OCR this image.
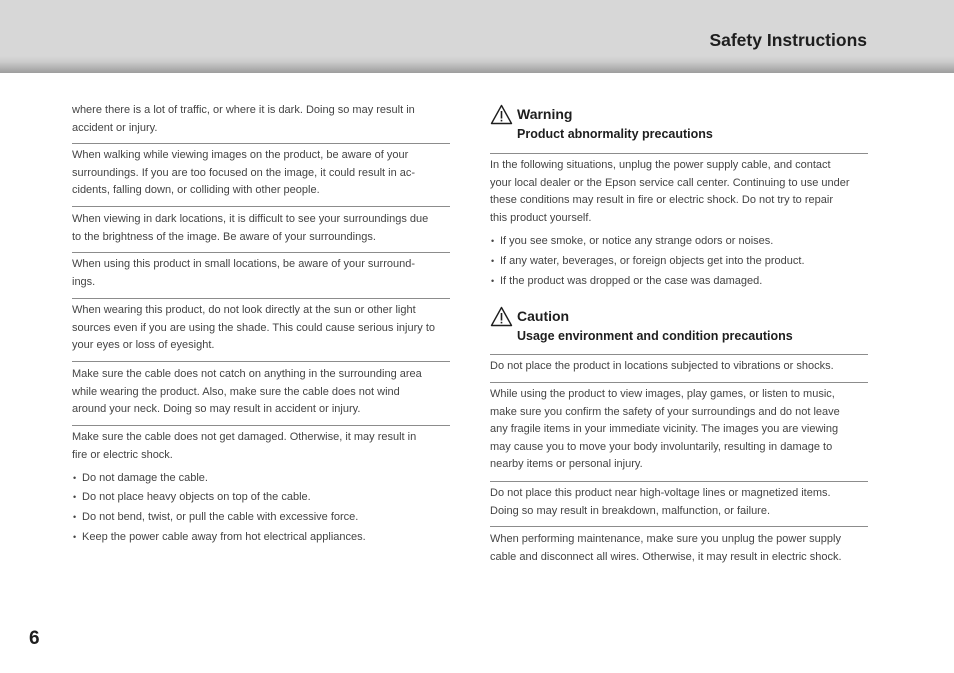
Safety Instructions
where there is a lot of traffic, or where it is dark. Doing so may result in
accident or injury.
When walking while viewing images on the product, be aware of your
surroundings. If you are too focused on the image, it could result in ac-
cidents, falling down, or colliding with other people.
When viewing in dark locations, it is difficult to see your surroundings due
to the brightness of the image. Be aware of your surroundings.
When using this product in small locations, be aware of your surround-
ings.
When wearing this product, do not look directly at the sun or other light
sources even if you are using the shade. This could cause serious injury to
your eyes or loss of eyesight.
Make sure the cable does not catch on anything in the surrounding area
while wearing the product. Also, make sure the cable does not wind
around your neck. Doing so may result in accident or injury.
Make sure the cable does not get damaged. Otherwise, it may result in
fire or electric shock.
• Do not damage the cable.
• Do not place heavy objects on top of the cable.
• Do not bend, twist, or pull the cable with excessive force.
• Keep the power cable away from hot electrical appliances.
Warning
Product abnormality precautions
In the following situations, unplug the power supply cable, and contact
your local dealer or the Epson service call center. Continuing to use under
these conditions may result in fire or electric shock. Do not try to repair
this product yourself.
• If you see smoke, or notice any strange odors or noises.
• If any water, beverages, or foreign objects get into the product.
• If the product was dropped or the case was damaged.
Caution
Usage environment and condition precautions
Do not place the product in locations subjected to vibrations or shocks.
While using the product to view images, play games, or listen to music,
make sure you confirm the safety of your surroundings and do not leave
any fragile items in your immediate vicinity. The images you are viewing
may cause you to move your body involuntarily, resulting in damage to
nearby items or personal injury.
Do not place this product near high-voltage lines or magnetized items.
Doing so may result in breakdown, malfunction, or failure.
When performing maintenance, make sure you unplug the power supply
cable and disconnect all wires. Otherwise, it may result in electric shock.
6
